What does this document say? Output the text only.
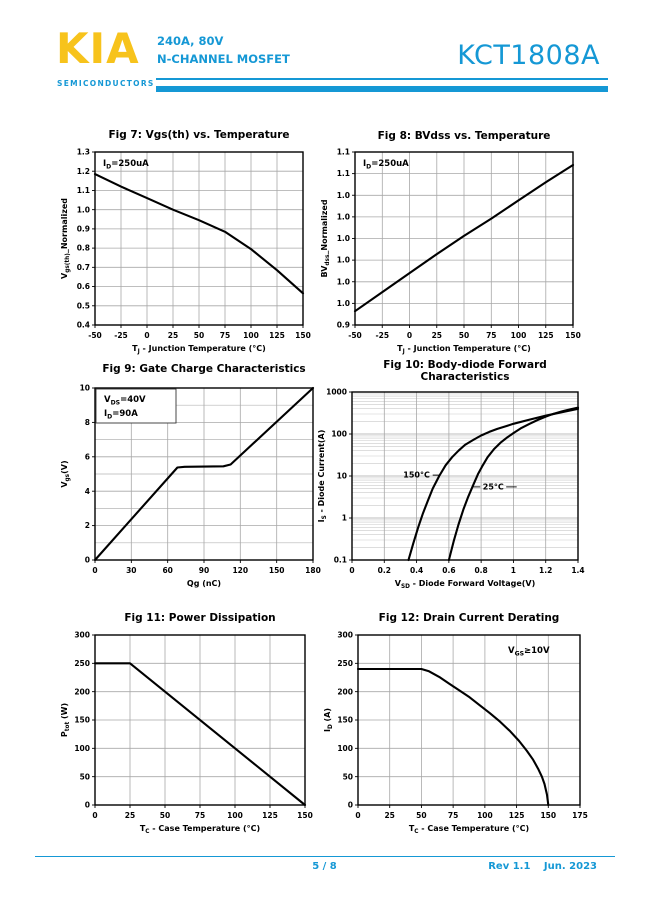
KIA
SEMICONDUCTORS
240A, 80V
N-CHANNEL MOSFET	KCT1808A
-50 -25 0 25 50 75 100 125 150
0.4
0.5
0.6
0.7
0.8
0.9
1.0
1.1
1.2
1.3
$I_D=250uA$
Fig 7: Vgs(th) vs. Temperature
$T_J$ - Junction Temperature (°C)
$V_{gs(th)}\_Normalized$
-50 -25 0	25 50 75 100 125 150
0.9
1.0
1.0
1.0
1.0
1.0
1.0
1.1
1.1
$I_D=250uA$
Fig 8: BVdss vs. Temperature
$T_J$ - Junction Temperature (°C)
$BV_{dss}\_Normalized$
0	30	60	90	120	150	180
0
2
4
6
8
10
$V_{DS}=40V$
$I_D=90A$
Fig 9: Gate Charge Characteristics
Qg (nC)
$V_{gs}(V)$
0	0.2	0.4	0.6	0.8	1	1.2	1.4
0.1
1
10
100
1000
150°C
25°C
Fig 10: Body-diode Forward
Characteristics
$V_{SD}$ - Diode Forward Voltage(V)
$I_S$ - Diode Current(A)
0	25	50	75	100	125	150
0
50
100
150
200
250
300
Fig 11: Power Dissipation
$T_C$ - Case Temperature (°C)
$P_{tot}$ (W)
0	25	50	75	100 125 150 175
0
50
100
150
200
250
300
$V_{GS}\ge 10V$
Fig 12: Drain Current Derating
$T_C$ - Case Temperature (°C)
$I_D$ (A)
5 / 8	Rev 1.1 Jun. 2023
